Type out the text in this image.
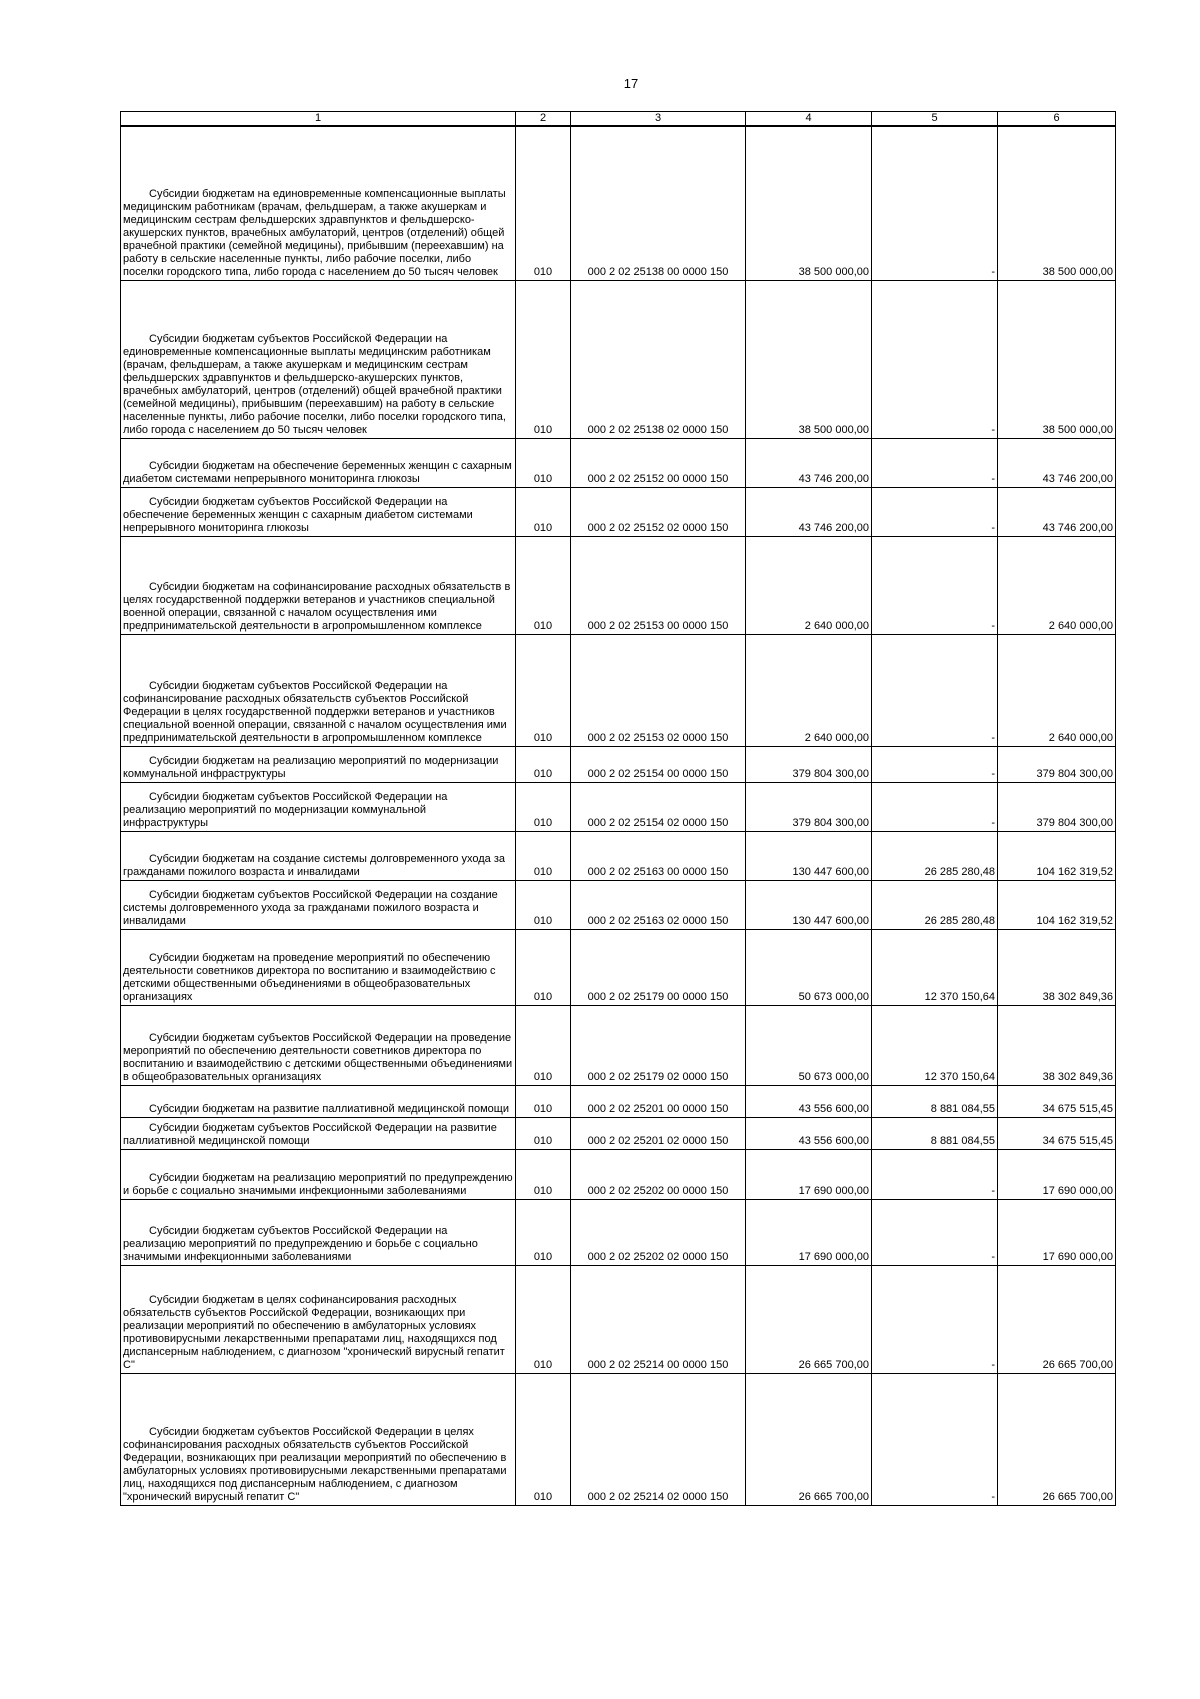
17
1	2	3	4	5	6

Субсидии бюджетам на единовременные компенсационные выплаты медицинским работникам (врачам, фельдшерам, а также акушеркам и медицинским сестрам фельдшерских здравпунктов и фельдшерско-акушерских пунктов, врачебных амбулаторий, центров (отделений) общей врачебной практики (семейной медицины), прибывшим (переехавшим) на работу в сельские населенные пункты, либо рабочие поселки, либо поселки городского типа, либо города с населением до 50 тысяч человек	010	000 2 02 25138 00 0000 150	38 500 000,00	-	38 500 000,00

Субсидии бюджетам субъектов Российской Федерации на единовременные компенсационные выплаты медицинским работникам (врачам, фельдшерам, а также акушеркам и медицинским сестрам фельдшерских здравпунктов и фельдшерско-акушерских пунктов, врачебных амбулаторий, центров (отделений) общей врачебной практики (семейной медицины), прибывшим (переехавшим) на работу в сельские населенные пункты, либо рабочие поселки, либо поселки городского типа, либо города с населением до 50 тысяч человек	010	000 2 02 25138 02 0000 150	38 500 000,00	-	38 500 000,00

Субсидии бюджетам на обеспечение беременных женщин с сахарным диабетом системами непрерывного мониторинга глюкозы	010	000 2 02 25152 00 0000 150	43 746 200,00	-	43 746 200,00

Субсидии бюджетам субъектов Российской Федерации на обеспечение беременных женщин с сахарным диабетом системами непрерывного мониторинга глюкозы	010	000 2 02 25152 02 0000 150	43 746 200,00	-	43 746 200,00

Субсидии бюджетам на софинансирование расходных обязательств в целях государственной поддержки ветеранов и участников специальной военной операции, связанной с началом осуществления ими предпринимательской деятельности в агропромышленном комплексе	010	000 2 02 25153 00 0000 150	2 640 000,00	-	2 640 000,00

Субсидии бюджетам субъектов Российской Федерации на софинансирование расходных обязательств субъектов Российской Федерации в целях государственной поддержки ветеранов и участников специальной военной операции, связанной с началом осуществления ими предпринимательской деятельности в агропромышленном комплексе	010	000 2 02 25153 02 0000 150	2 640 000,00	-	2 640 000,00

Субсидии бюджетам на реализацию мероприятий по модернизации коммунальной инфраструктуры	010	000 2 02 25154 00 0000 150	379 804 300,00	-	379 804 300,00

Субсидии бюджетам субъектов Российской Федерации на реализацию мероприятий по модернизации коммунальной инфраструктуры	010	000 2 02 25154 02 0000 150	379 804 300,00	-	379 804 300,00

Субсидии бюджетам на создание системы долговременного ухода за гражданами пожилого возраста и инвалидами	010	000 2 02 25163 00 0000 150	130 447 600,00	26 285 280,48	104 162 319,52

Субсидии бюджетам субъектов Российской Федерации на создание системы долговременного ухода за гражданами пожилого возраста и инвалидами	010	000 2 02 25163 02 0000 150	130 447 600,00	26 285 280,48	104 162 319,52

Субсидии бюджетам на проведение мероприятий по обеспечению деятельности советников директора по воспитанию и взаимодействию с детскими общественными объединениями в общеобразовательных организациях	010	000 2 02 25179 00 0000 150	50 673 000,00	12 370 150,64	38 302 849,36

Субсидии бюджетам субъектов Российской Федерации на проведение мероприятий по обеспечению деятельности советников директора по воспитанию и взаимодействию с детскими общественными объединениями в общеобразовательных организациях	010	000 2 02 25179 02 0000 150	50 673 000,00	12 370 150,64	38 302 849,36

Субсидии бюджетам на развитие паллиативной медицинской помощи	010	000 2 02 25201 00 0000 150	43 556 600,00	8 881 084,55	34 675 515,45

Субсидии бюджетам субъектов Российской Федерации на развитие паллиативной медицинской помощи	010	000 2 02 25201 02 0000 150	43 556 600,00	8 881 084,55	34 675 515,45

Субсидии бюджетам на реализацию мероприятий по предупреждению и борьбе с социально значимыми инфекционными заболеваниями	010	000 2 02 25202 00 0000 150	17 690 000,00	-	17 690 000,00

Субсидии бюджетам субъектов Российской Федерации на реализацию мероприятий по предупреждению и борьбе с социально значимыми инфекционными заболеваниями	010	000 2 02 25202 02 0000 150	17 690 000,00	-	17 690 000,00

Субсидии бюджетам в целях софинансирования расходных обязательств субъектов Российской Федерации, возникающих при реализации мероприятий по обеспечению в амбулаторных условиях противовирусными лекарственными препаратами лиц, находящихся под диспансерным наблюдением, с диагнозом "хронический вирусный гепатит С"	010	000 2 02 25214 00 0000 150	26 665 700,00	-	26 665 700,00

Субсидии бюджетам субъектов Российской Федерации в целях софинансирования расходных обязательств субъектов Российской Федерации, возникающих при реализации мероприятий по обеспечению в амбулаторных условиях противовирусными лекарственными препаратами лиц, находящихся под диспансерным наблюдением, с диагнозом "хронический вирусный гепатит С"	010	000 2 02 25214 02 0000 150	26 665 700,00	-	26 665 700,00
